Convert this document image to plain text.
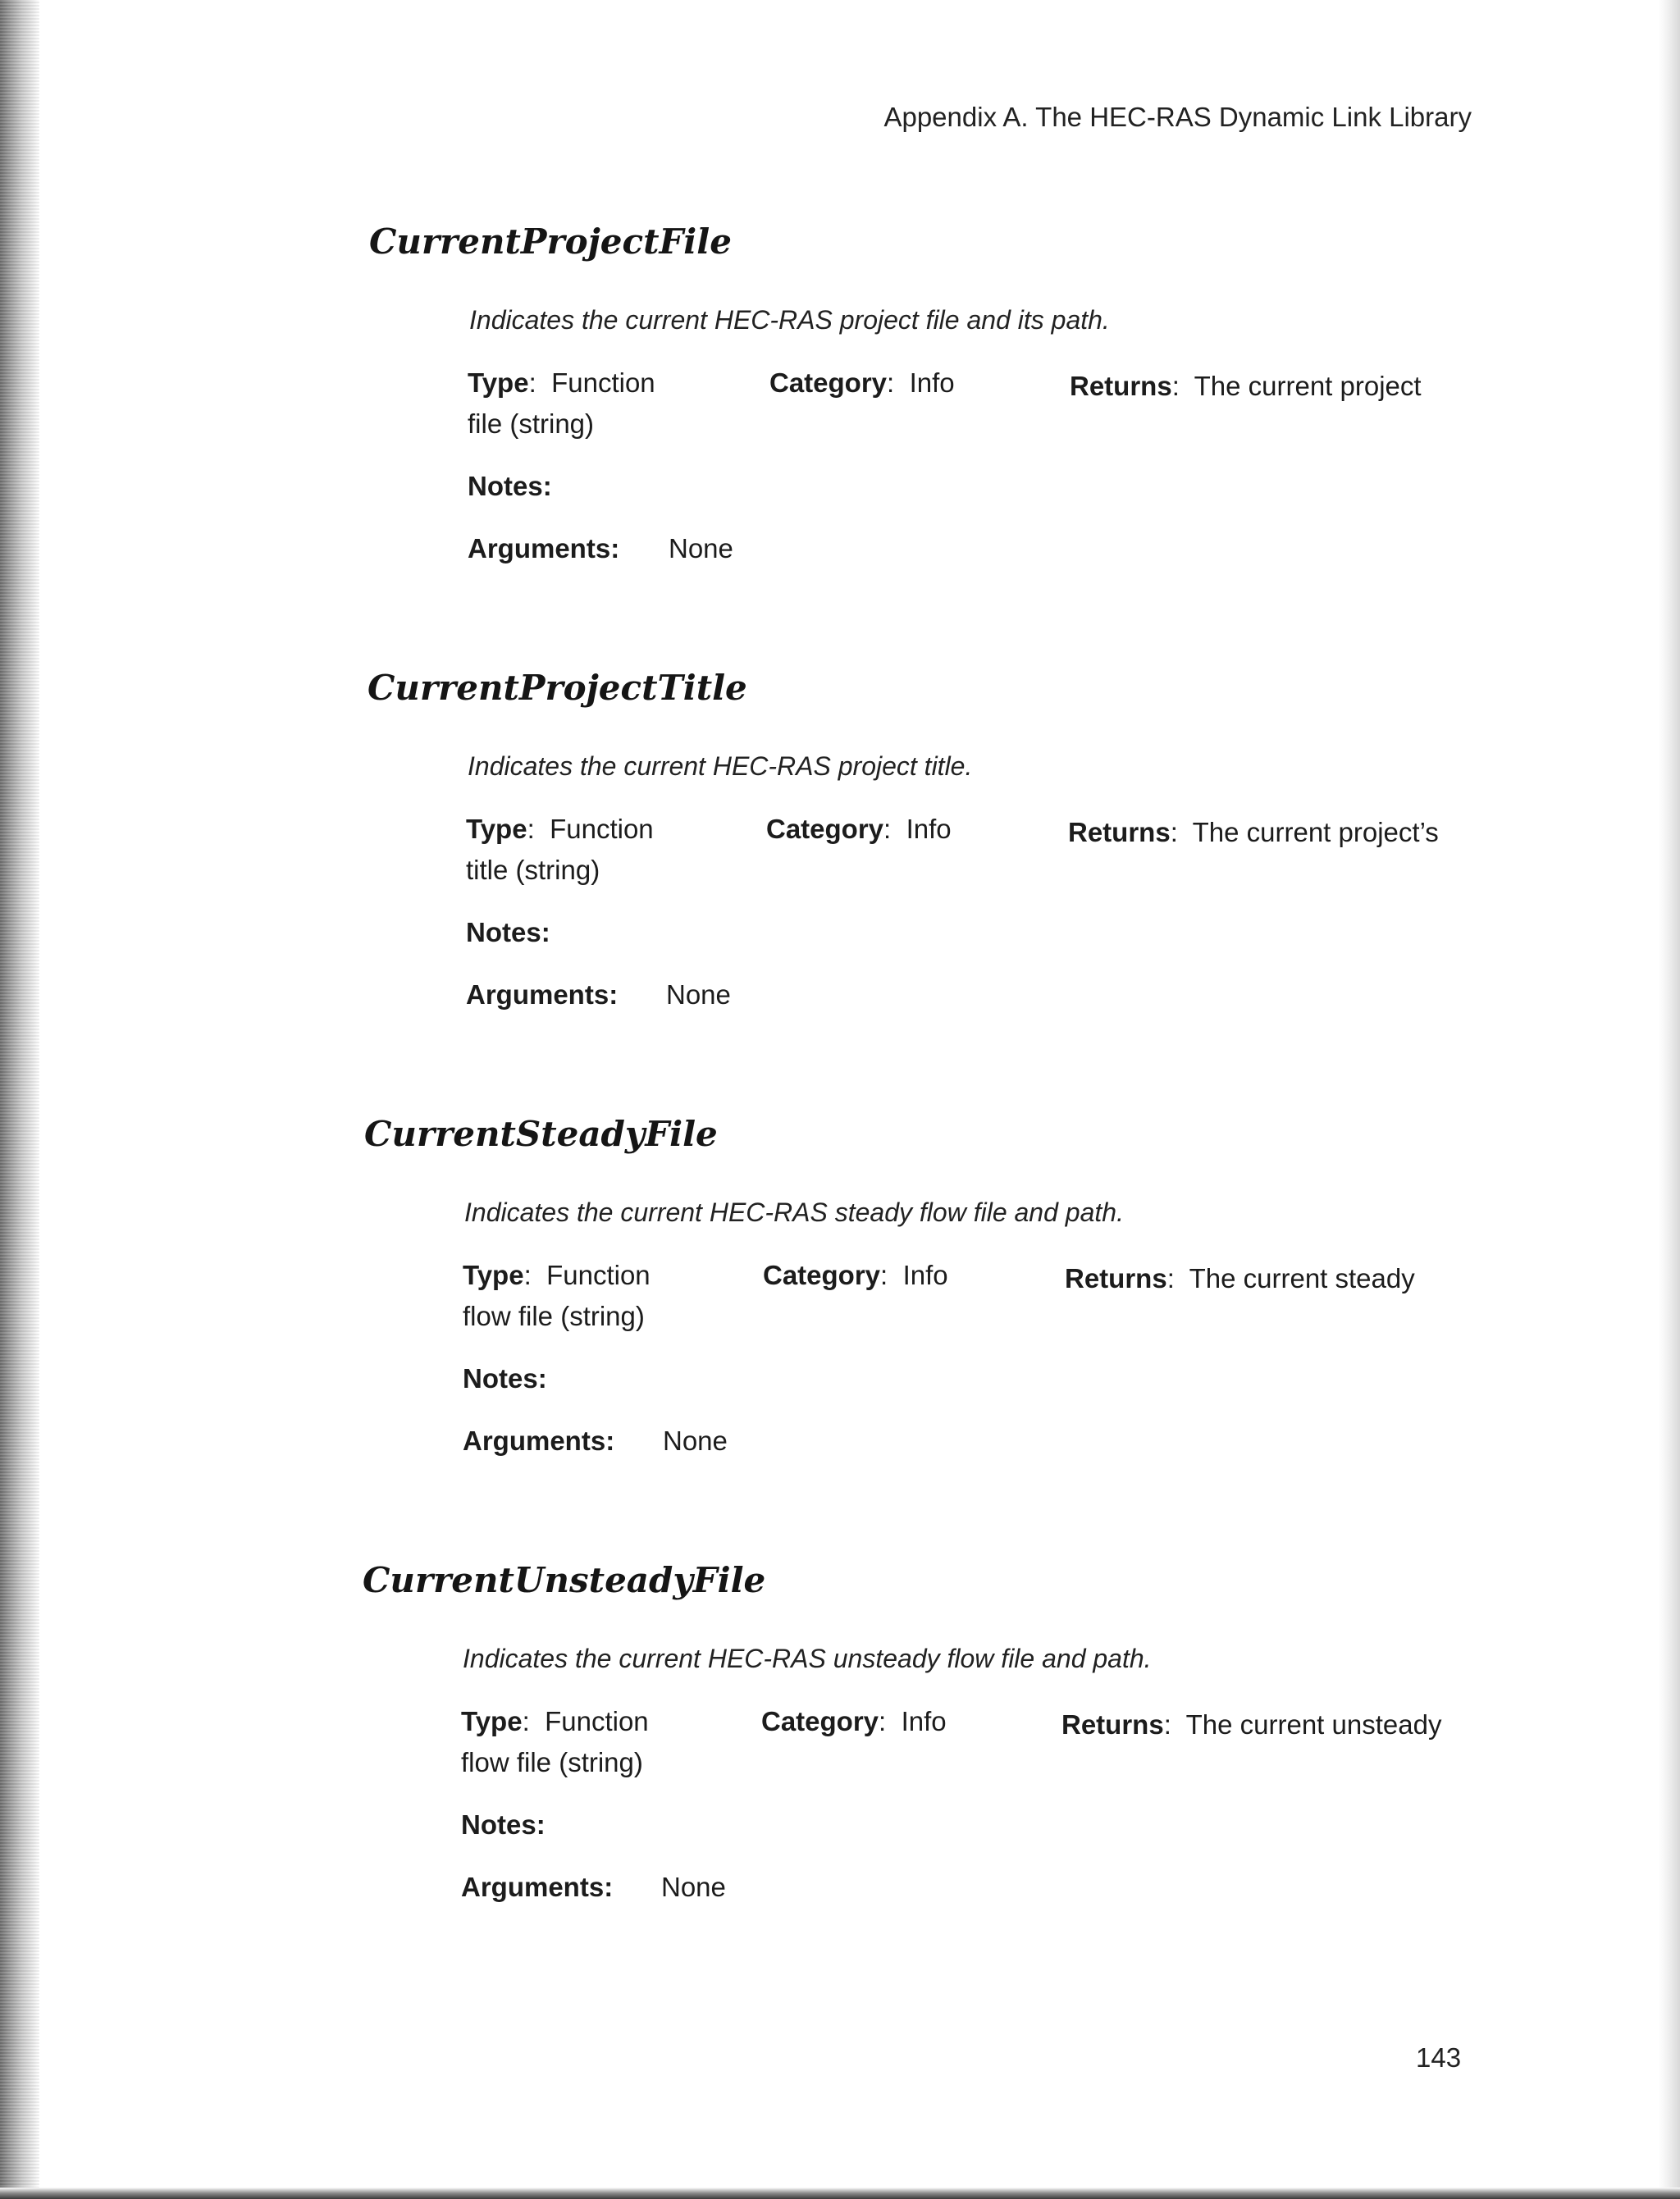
Appendix A. The HEC-RAS Dynamic Link Library
CurrentProjectFile
Indicates the current HEC-RAS project file and its path.
Type: Function	Category: Info	Returns: The current project
file (string)
Notes:
Arguments: None
CurrentProjectTitle
Indicates the current HEC-RAS project title.
Type: Function	Category: Info	Returns: The current project’s
title (string)
Notes:
Arguments: None
CurrentSteadyFile
Indicates the current HEC-RAS steady flow file and path.
Type: Function	Category: Info	Returns: The current steady
flow file (string)
Notes:
Arguments: None
CurrentUnsteadyFile
Indicates the current HEC-RAS unsteady flow file and path.
Type: Function	Category: Info	Returns: The current unsteady
flow file (string)
Notes:
Arguments: None
143
